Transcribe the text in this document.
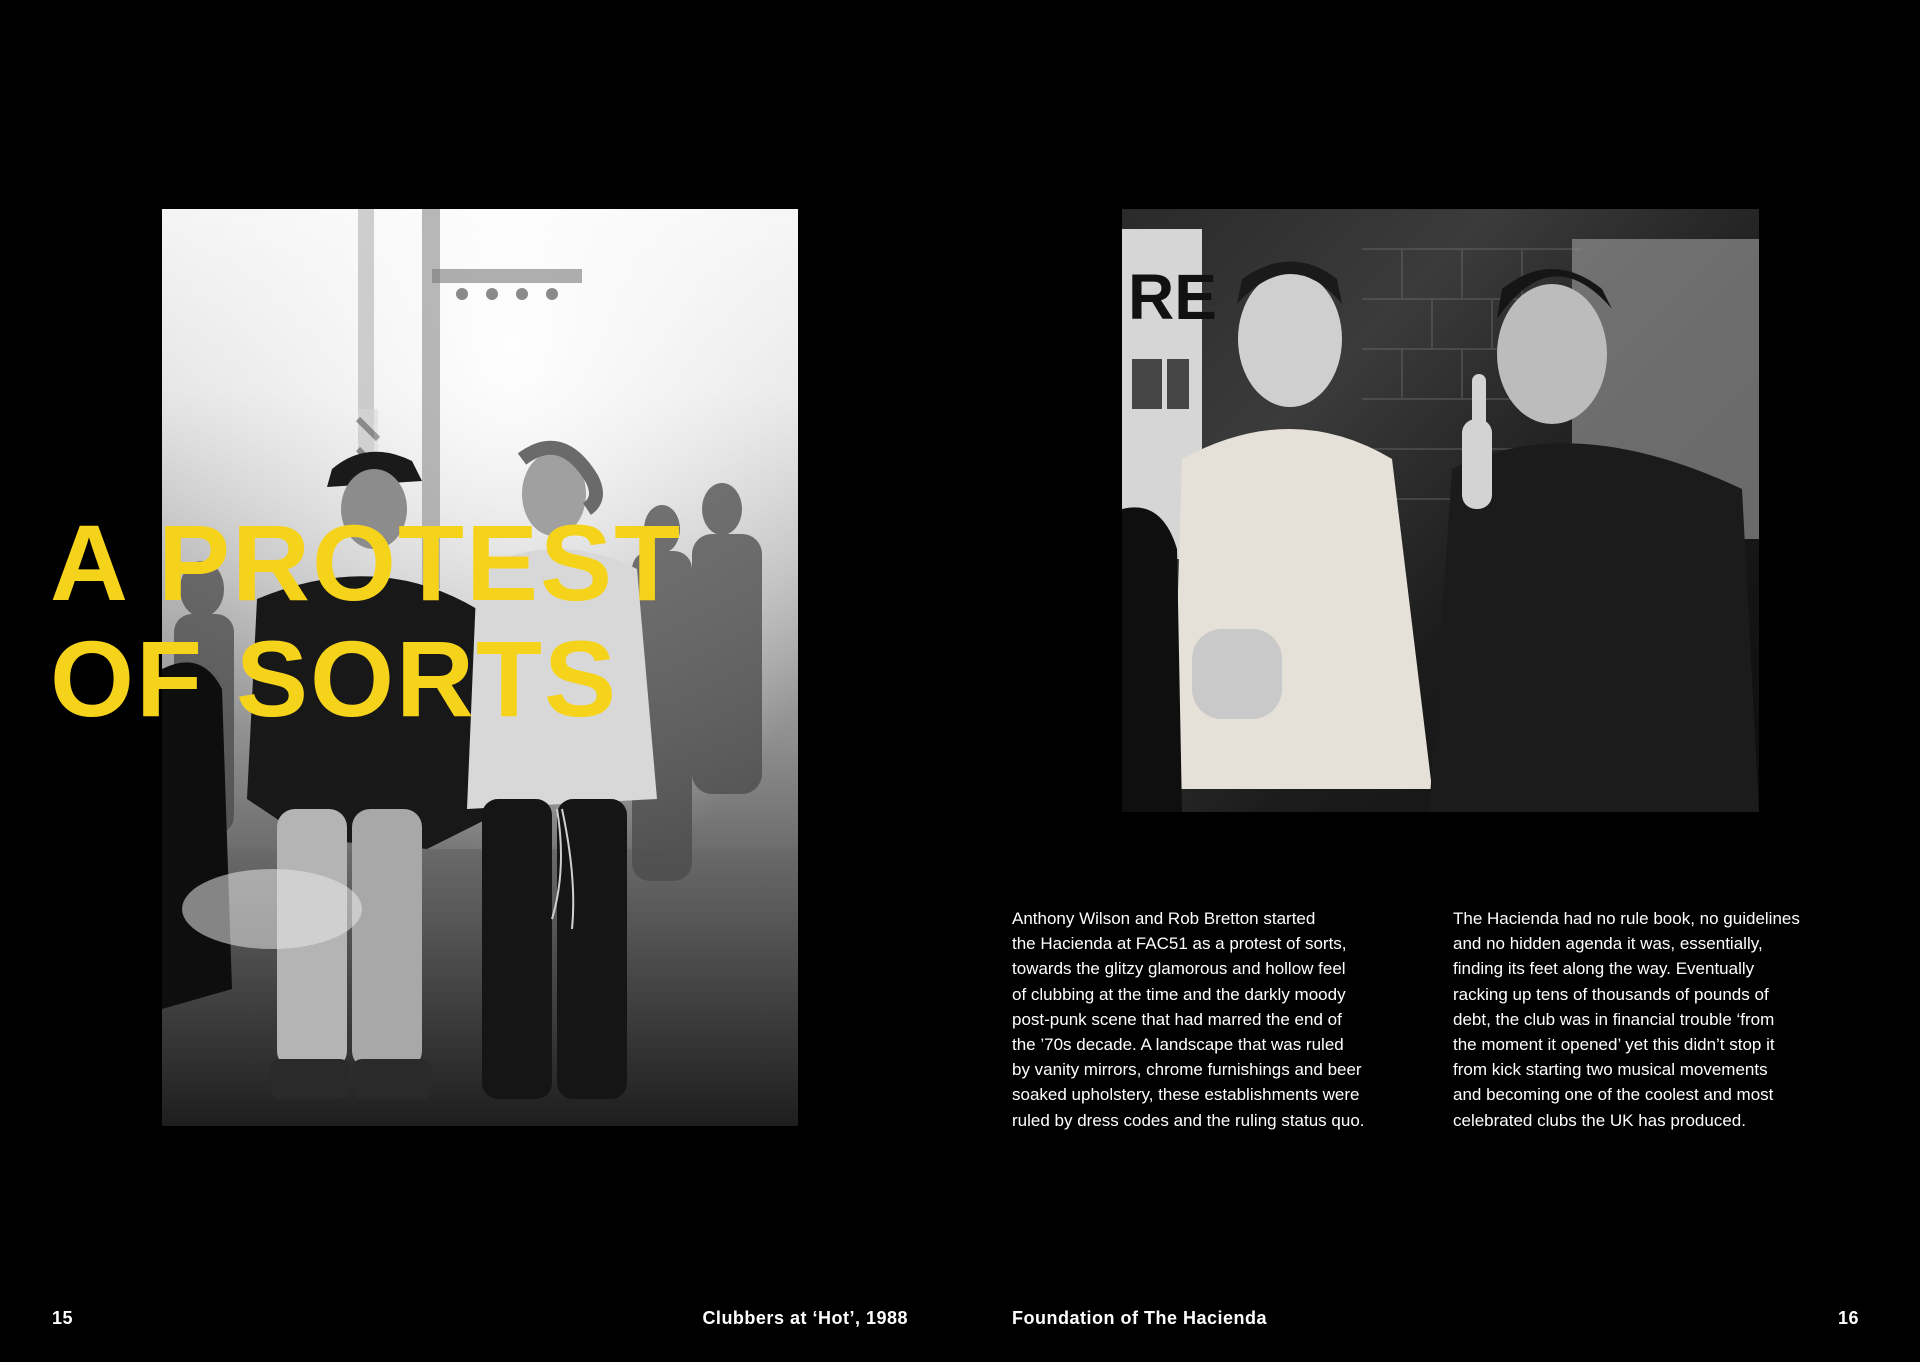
RE
A PROTEST
OF SORTS
Anthony Wilson and Rob Bretton started
the Hacienda at FAC51 as a protest of sorts,
towards the glitzy glamorous and hollow feel
of clubbing at the time and the darkly moody
post-punk scene that had marred the end of
the ’70s decade. A landscape that was ruled
by vanity mirrors, chrome furnishings and beer
soaked upholstery, these establishments were
ruled by dress codes and the ruling status quo.
The Hacienda had no rule book, no guidelines
and no hidden agenda it was, essentially,
finding its feet along the way. Eventually
racking up tens of thousands of pounds of
debt, the club was in financial trouble ‘from
the moment it opened’ yet this didn’t stop it
from kick starting two musical movements
and becoming one of the coolest and most
celebrated clubs the UK has produced.
15	Clubbers at ‘Hot’, 1988	Foundation of The Hacienda	16
